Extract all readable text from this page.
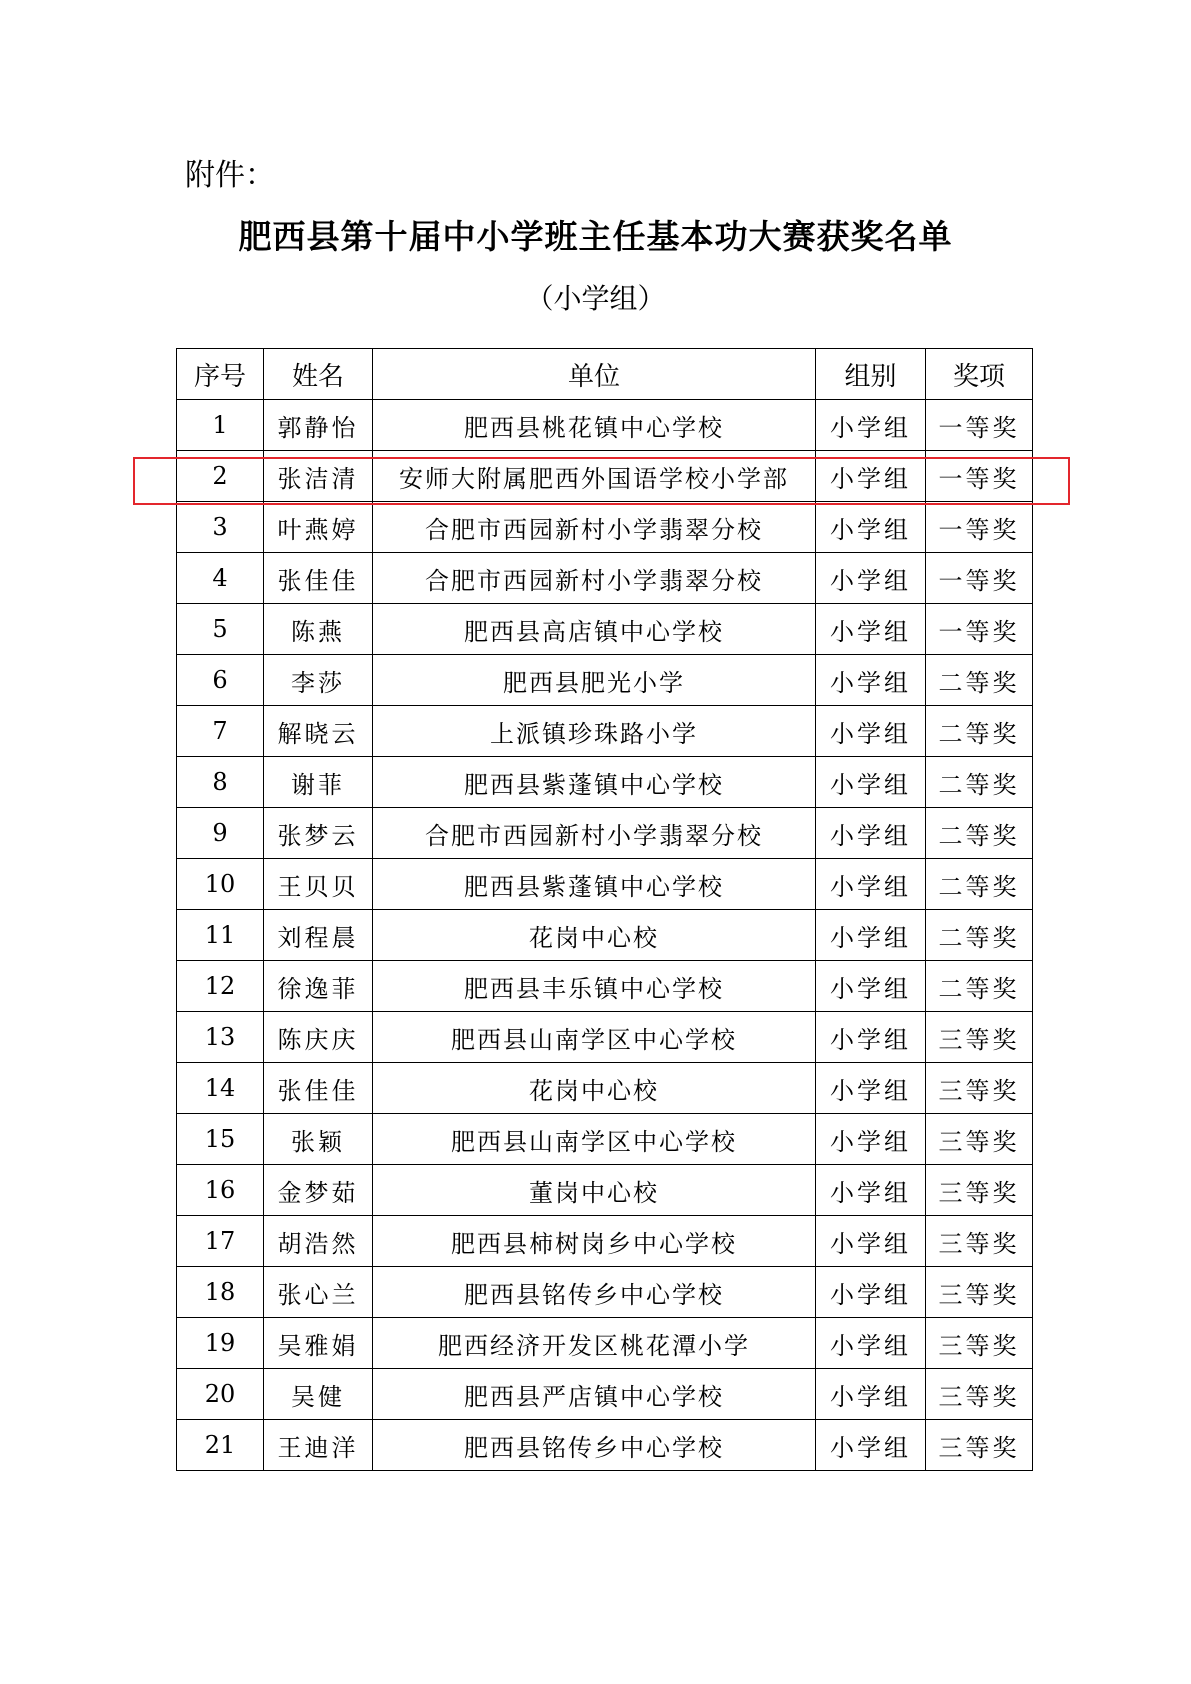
附件：
肥西县第十届中小学班主任基本功大赛获奖名单
（小学组）
序号	姓名	单位	组别	奖项
1	郭静怡	肥西县桃花镇中心学校	小学组	一等奖
2	张洁清	安师大附属肥西外国语学校小学部	小学组	一等奖
3	叶燕婷	合肥市西园新村小学翡翠分校	小学组	一等奖
4	张佳佳	合肥市西园新村小学翡翠分校	小学组	一等奖
5	陈燕	肥西县高店镇中心学校	小学组	一等奖
6	李莎	肥西县肥光小学	小学组	二等奖
7	解晓云	上派镇珍珠路小学	小学组	二等奖
8	谢菲	肥西县紫蓬镇中心学校	小学组	二等奖
9	张梦云	合肥市西园新村小学翡翠分校	小学组	二等奖
10	王贝贝	肥西县紫蓬镇中心学校	小学组	二等奖
11	刘程晨	花岗中心校	小学组	二等奖
12	徐逸菲	肥西县丰乐镇中心学校	小学组	二等奖
13	陈庆庆	肥西县山南学区中心学校	小学组	三等奖
14	张佳佳	花岗中心校	小学组	三等奖
15	张颖	肥西县山南学区中心学校	小学组	三等奖
16	金梦茹	董岗中心校	小学组	三等奖
17	胡浩然	肥西县柿树岗乡中心学校	小学组	三等奖
18	张心兰	肥西县铭传乡中心学校	小学组	三等奖
19	吴雅娟	肥西经济开发区桃花潭小学	小学组	三等奖
20	吴健	肥西县严店镇中心学校	小学组	三等奖
21	王迪洋	肥西县铭传乡中心学校	小学组	三等奖
